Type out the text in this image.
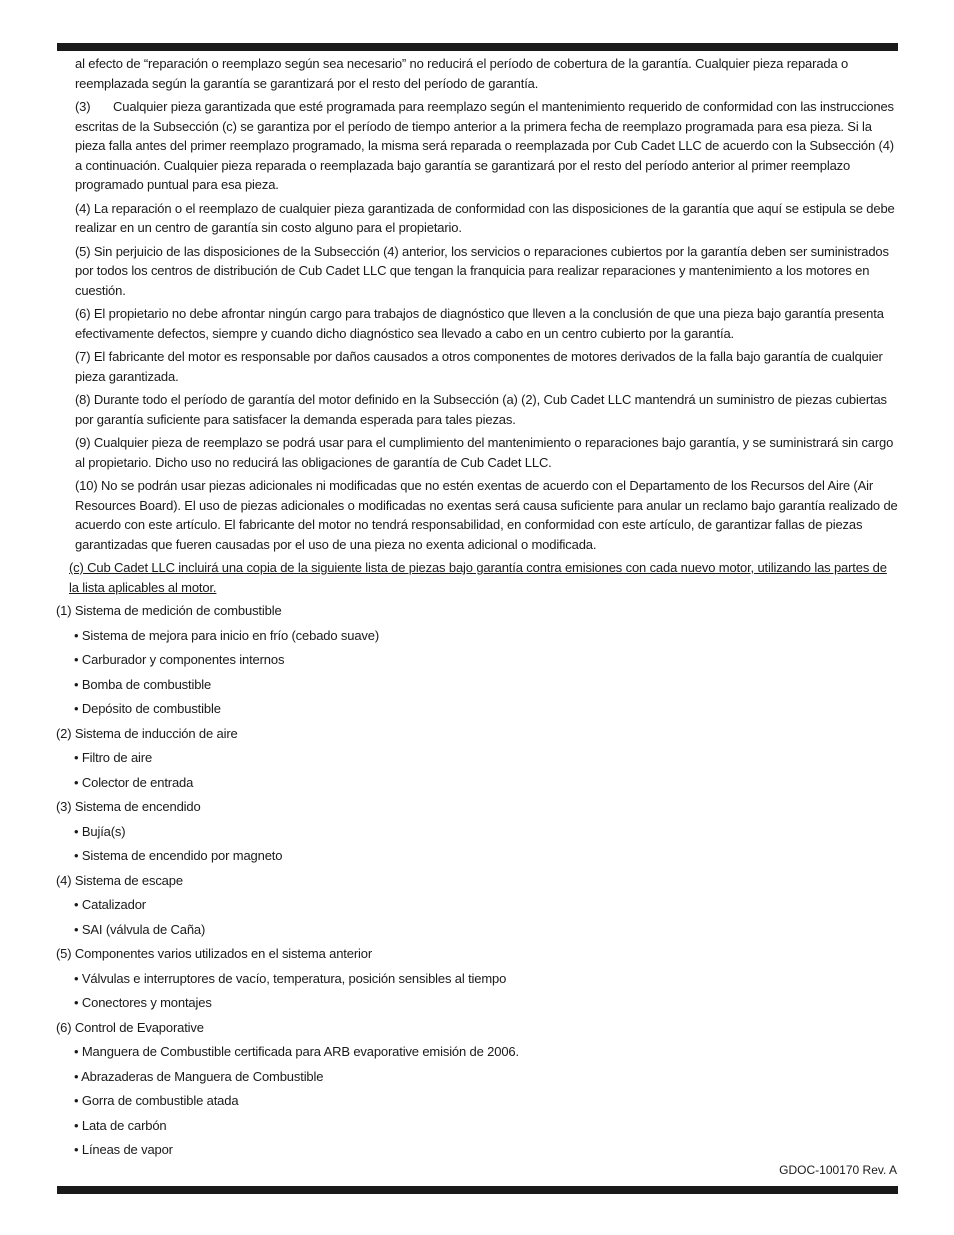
al efecto de “reparación o reemplazo según sea necesario” no reducirá el período de cobertura de la garantía. Cualquier pieza reparada o reemplazada según la garantía se garantizará por el resto del período de garantía.

(3) Cualquier pieza garantizada que esté programada para reemplazo según el mantenimiento requerido de conformidad con las instrucciones escritas de la Subsección (c) se garantiza por el período de tiempo anterior a la primera fecha de reemplazo programada para esa pieza. Si la pieza falla antes del primer reemplazo programado, la misma será reparada o reemplazada por Cub Cadet LLC de acuerdo con la Subsección (4) a continuación. Cualquier pieza reparada o reemplazada bajo garantía se garantizará por el resto del período anterior al primer reemplazo programado puntual para esa pieza.

(4) La reparación o el reemplazo de cualquier pieza garantizada de conformidad con las disposiciones de la garantía que aquí se estipula se debe realizar en un centro de garantía sin costo alguno para el propietario.

(5) Sin perjuicio de las disposiciones de la Subsección (4) anterior, los servicios o reparaciones cubiertos por la garantía deben ser suministrados por todos los centros de distribución de Cub Cadet LLC que tengan la franquicia para realizar reparaciones y mantenimiento a los motores en cuestión.

(6) El propietario no debe afrontar ningún cargo para trabajos de diagnóstico que lleven a la conclusión de que una pieza bajo garantía presenta efectivamente defectos, siempre y cuando dicho diagnóstico sea llevado a cabo en un centro cubierto por la garantía.

(7) El fabricante del motor es responsable por daños causados a otros componentes de motores derivados de la falla bajo garantía de cualquier pieza garantizada.

(8) Durante todo el período de garantía del motor definido en la Subsección (a) (2), Cub Cadet LLC mantendrá un suministro de piezas cubiertas por garantía suficiente para satisfacer la demanda esperada para tales piezas.

(9) Cualquier pieza de reemplazo se podrá usar para el cumplimiento del mantenimiento o reparaciones bajo garantía, y se suministrará sin cargo al propietario. Dicho uso no reducirá las obligaciones de garantía de Cub Cadet LLC.

(10) No se podrán usar piezas adicionales ni modificadas que no estén exentas de acuerdo con el Departamento de los Recursos del Aire (Air Resources Board). El uso de piezas adicionales o modificadas no exentas será causa suficiente para anular un reclamo bajo garantía realizado de acuerdo con este artículo. El fabricante del motor no tendrá responsabilidad, en conformidad con este artículo, de garantizar fallas de piezas garantizadas que fueren causadas por el uso de una pieza no exenta adicional o modificada.

(c) Cub Cadet LLC incluirá una copia de la siguiente lista de piezas bajo garantía contra emisiones con cada nuevo motor, utilizando las partes de la lista aplicables al motor.

(1) Sistema de medición de combustible

• Sistema de mejora para inicio en frío (cebado suave)

• Carburador y componentes internos

• Bomba de combustible

• Depósito de combustible

(2) Sistema de inducción de aire

• Filtro de aire

• Colector de entrada

(3) Sistema de encendido

• Bujía(s)

• Sistema de encendido por magneto

(4) Sistema de escape

• Catalizador

• SAI (válvula de Caña)

(5) Componentes varios utilizados en el sistema anterior

• Válvulas e interruptores de vacío, temperatura, posición sensibles al tiempo

• Conectores y montajes

(6) Control de Evaporative

• Manguera de Combustible certificada para ARB evaporative emisión de 2006.

• Abrazaderas de Manguera de Combustible

• Gorra de combustible atada

• Lata de carbón

• Líneas de vapor

GDOC-100170 Rev. A
